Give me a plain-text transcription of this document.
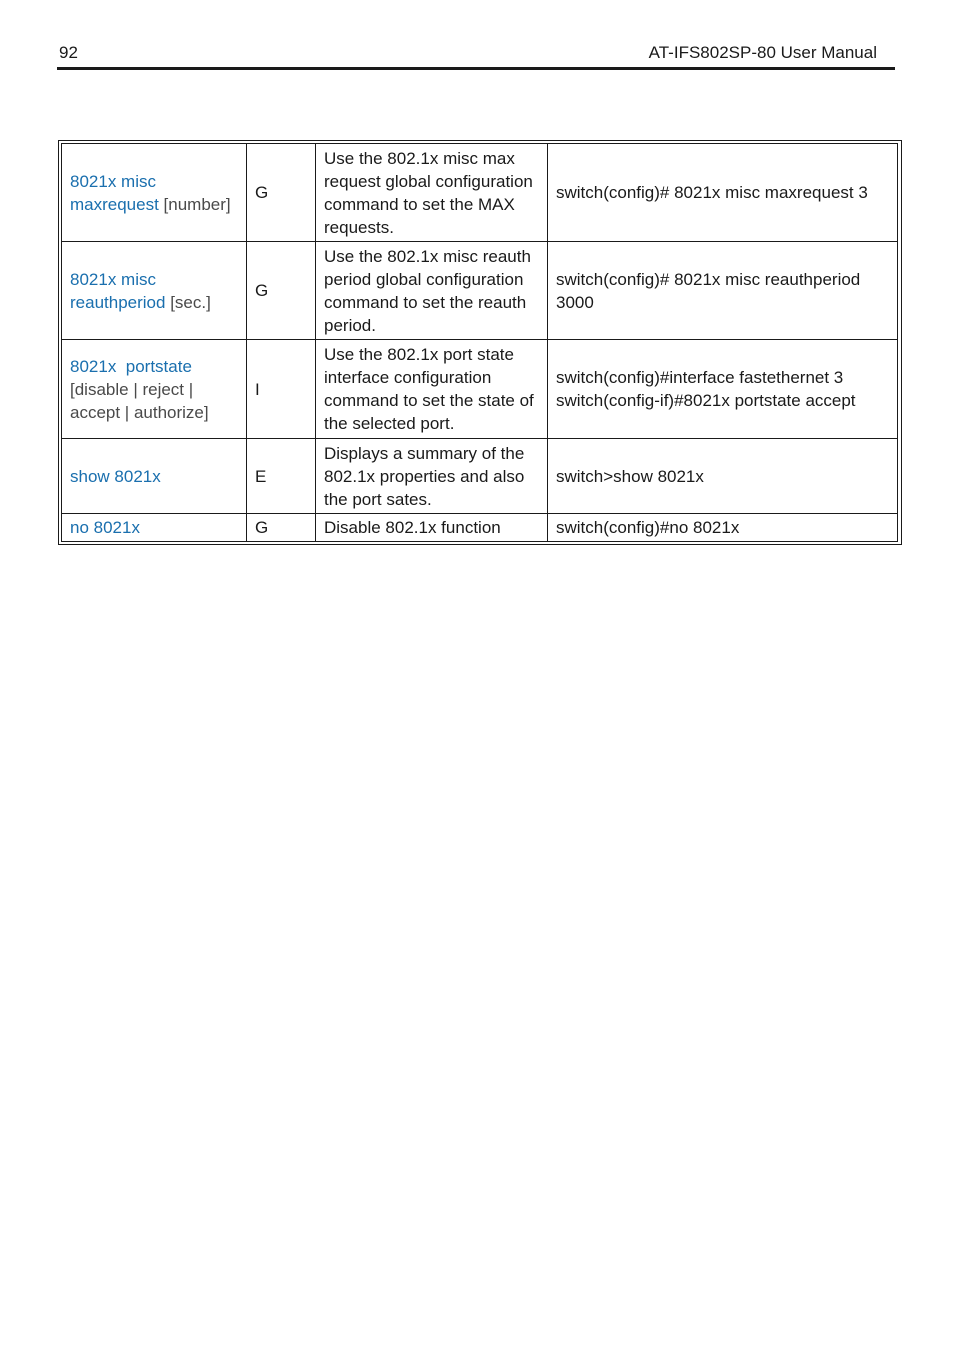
92	AT-IFS802SP-80 User Manual
8021x misc
maxrequest [number]	G	Use the 802.1x misc max request global configuration command to set the MAX requests.	switch(config)# 8021x misc maxrequest 3
8021x misc
reauthperiod [sec.]	G	Use the 802.1x misc reauth period global configuration command to set the reauth period.	switch(config)# 8021x misc reauthperiod 3000
8021x  portstate
[disable | reject |
accept | authorize]	I	Use the 802.1x port state interface configuration command to set the state of the selected port.	switch(config)#interface fastethernet 3
switch(config-if)#8021x portstate accept
show 8021x	E	Displays a summary of the 802.1x properties and also the port sates.	switch>show 8021x
no 8021x	G	Disable 802.1x function	switch(config)#no 8021x
